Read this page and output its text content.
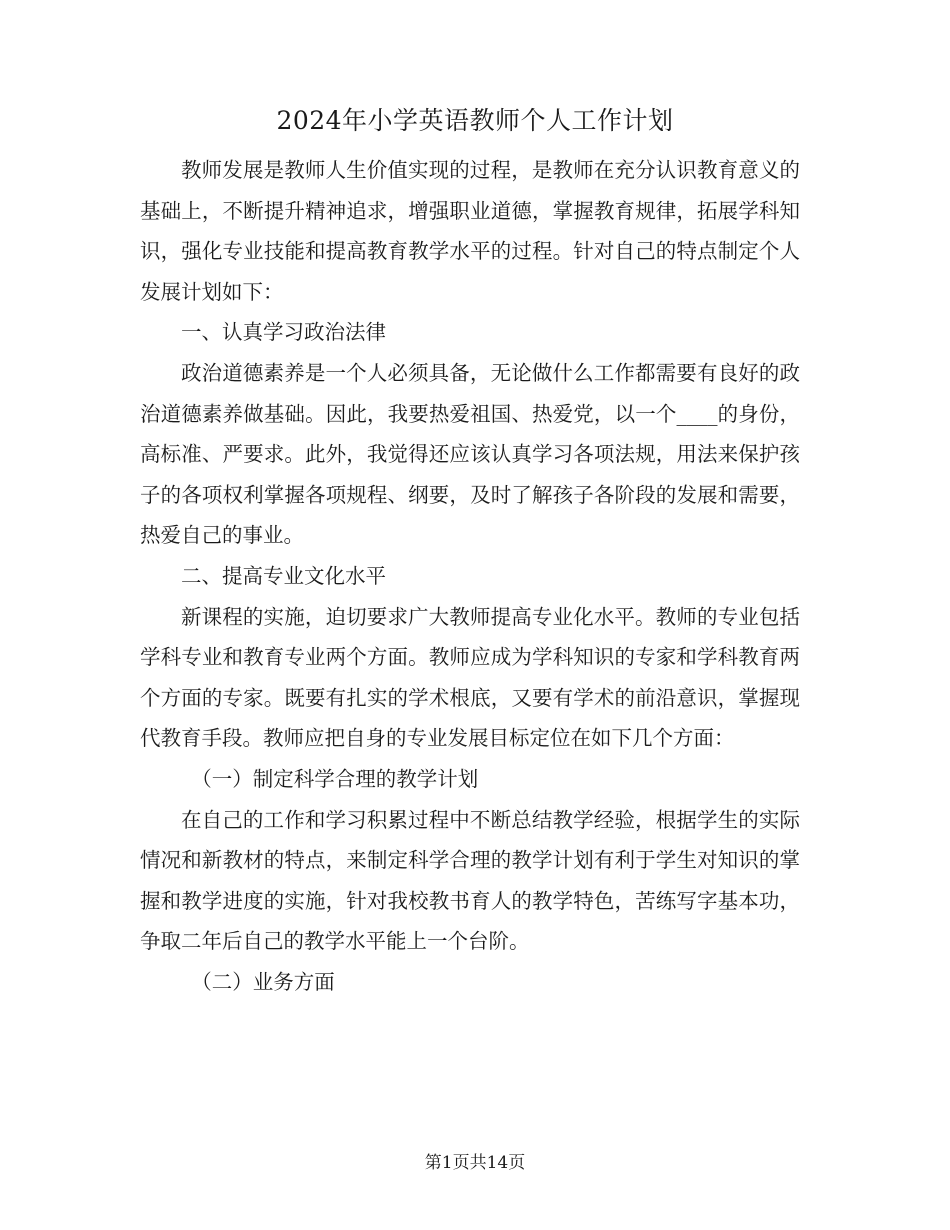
2024年小学英语教师个人工作计划

教师发展是教师人生价值实现的过程，是教师在充分认识教育意义的基础上，不断提升精神追求，增强职业道德，掌握教育规律，拓展学科知识，强化专业技能和提高教育教学水平的过程。针对自己的特点制定个人发展计划如下：

一、认真学习政治法律

政治道德素养是一个人必须具备，无论做什么工作都需要有良好的政治道德素养做基础。因此，我要热爱祖国、热爱党，以一个____的身份，高标准、严要求。此外，我觉得还应该认真学习各项法规，用法来保护孩子的各项权利掌握各项规程、纲要，及时了解孩子各阶段的发展和需要，热爱自己的事业。

二、提高专业文化水平

新课程的实施，迫切要求广大教师提高专业化水平。教师的专业包括学科专业和教育专业两个方面。教师应成为学科知识的专家和学科教育两个方面的专家。既要有扎实的学术根底，又要有学术的前沿意识，掌握现代教育手段。教师应把自身的专业发展目标定位在如下几个方面：

（一）制定科学合理的教学计划

在自己的工作和学习积累过程中不断总结教学经验，根据学生的实际情况和新教材的特点，来制定科学合理的教学计划有利于学生对知识的掌握和教学进度的实施，针对我校教书育人的教学特色，苦练写字基本功，争取二年后自己的教学水平能上一个台阶。

（二）业务方面

第1页共14页
